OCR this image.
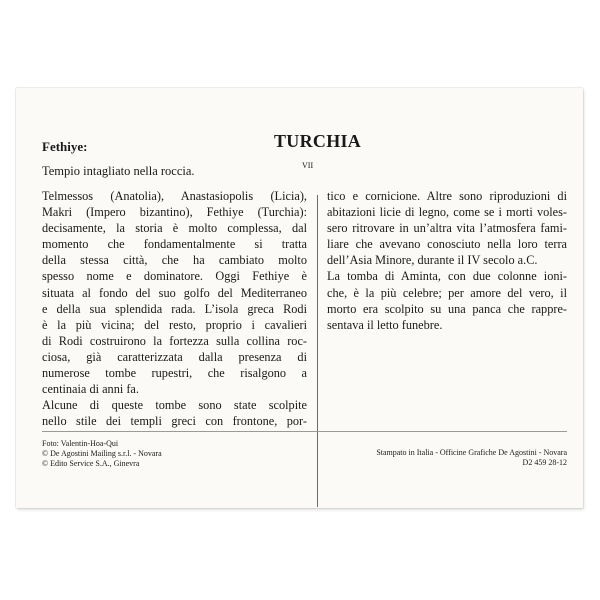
TURCHIA
Fethiye:
Tempio intagliato nella roccia.	VII
Telmessos (Anatolia), Anastasiopolis (Licia),
Makri (Impero bizantino), Fethiye (Turchia):
decisamente, la storia è molto complessa, dal
momento che fondamentalmente si tratta
della stessa città, che ha cambiato molto
spesso nome e dominatore. Oggi Fethiye è
situata al fondo del suo golfo del Mediterraneo
e della sua splendida rada. L’isola greca Rodi
è la più vicina; del resto, proprio i cavalieri
di Rodi costruirono la fortezza sulla collina roc-
ciosa, già caratterizzata dalla presenza di
numerose tombe rupestri, che risalgono a
centinaia di anni fa.
Alcune di queste tombe sono state scolpite
nello stile dei templi greci con frontone, por-
tico e cornicione. Altre sono riproduzioni di
abitazioni licie di legno, come se i morti voles-
sero ritrovare in un’altra vita l’atmosfera fami-
liare che avevano conosciuto nella loro terra
dell’Asia Minore, durante il IV secolo a.C.
La tomba di Aminta, con due colonne ioni-
che, è la più celebre; per amore del vero, il
morto era scolpito su una panca che rappre-
sentava il letto funebre.
Foto: Valentin-Hoa-Qui
© De Agostini Mailing s.r.l. - Novara
© Edito Service S.A., Ginevra
Stampato in Italia - Officine Grafiche De Agostini - Novara
D2 459 28-12
